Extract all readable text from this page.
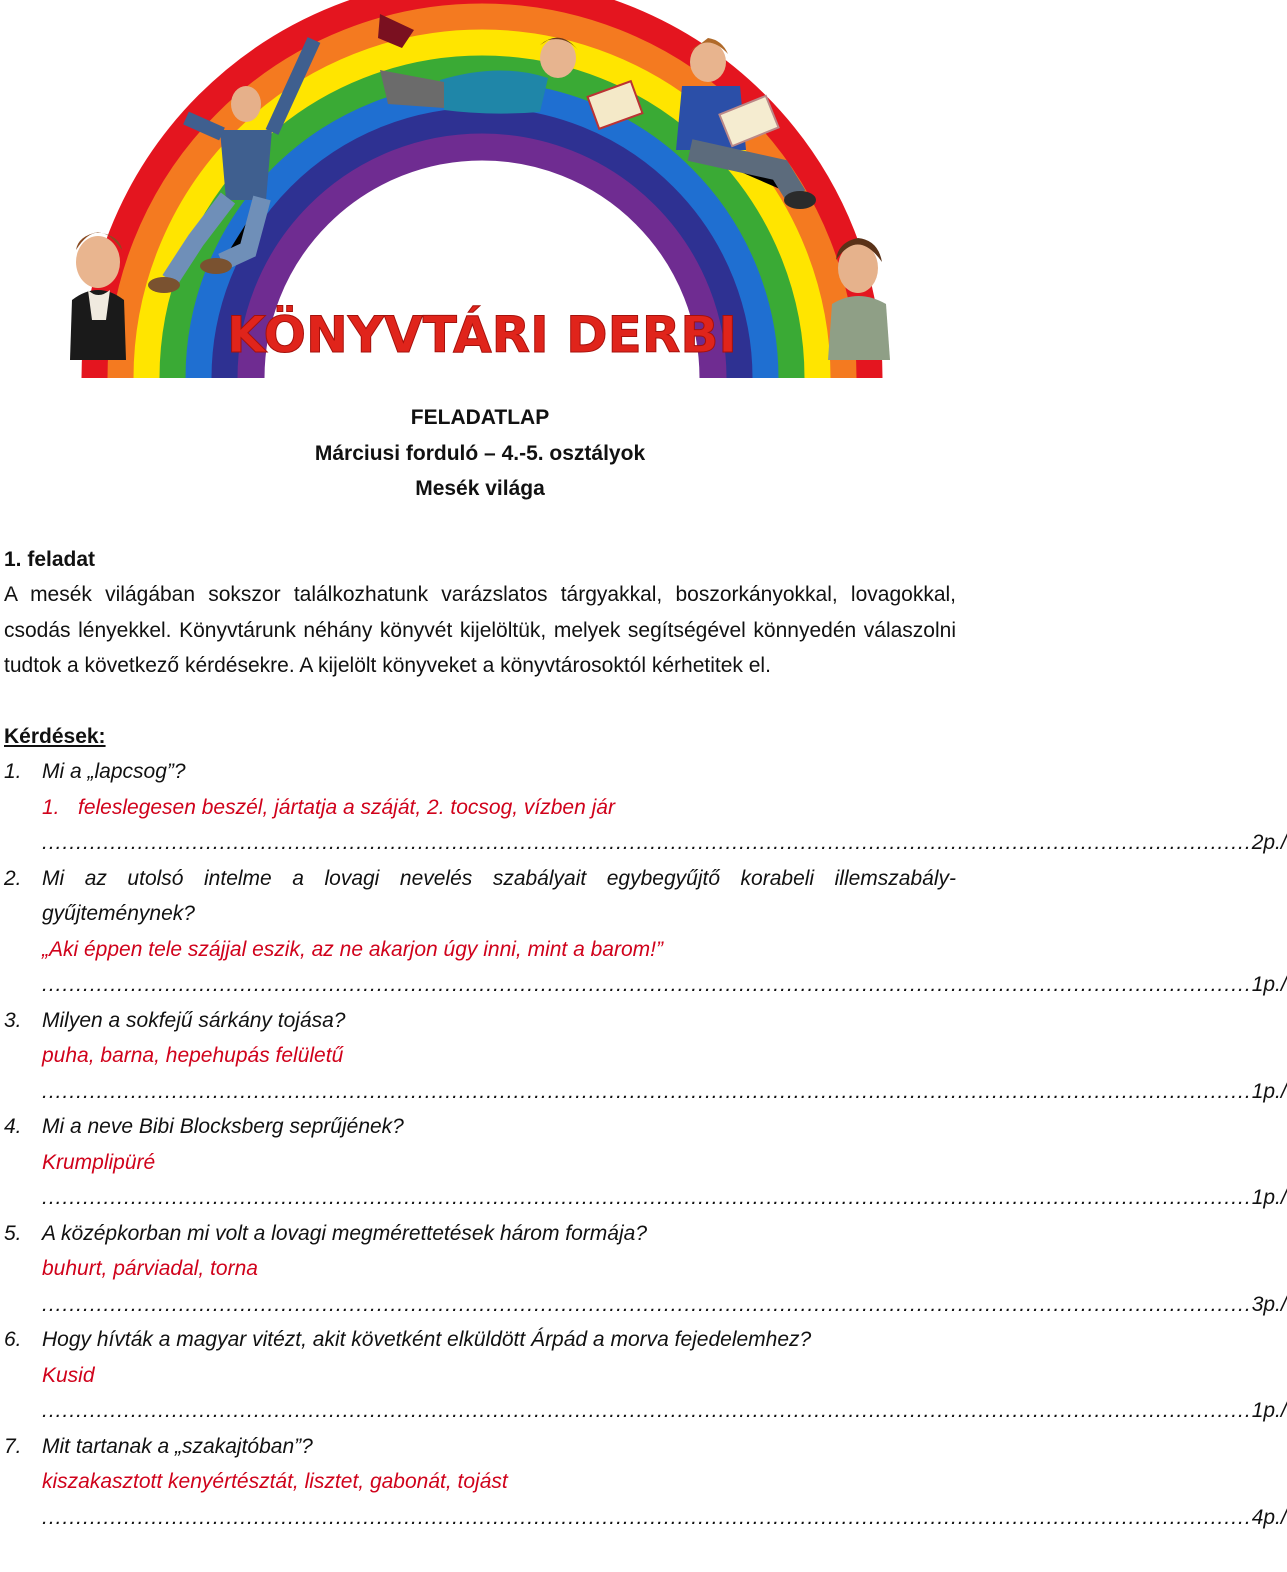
KÖNYVTÁRI DERBI
FELADATLAP
Márciusi forduló – 4.-5. osztályok
Mesék világa
1. feladat
A mesék világában sokszor találkozhatunk varázslatos tárgyakkal, boszorkányokkal, lovagokkal, csodás lényekkel. Könyvtárunk néhány könyvét kijelöltük, melyek segítségével könnyedén válaszolni tudtok a következő kérdésekre. A kijelölt könyveket a könyvtárosoktól kérhetitek el.
Kérdések:
1. Mi a „lapcsog”?
1. feleslegesen beszél, jártatja a száját, 2. tocsog, vízben jár
................................................................................................................................................................................. 2p./
2. Mi az utolsó intelme a lovagi nevelés szabályait egybegyűjtő korabeli illemszabály-gyűjteménynek?
„Aki éppen tele szájjal eszik, az ne akarjon úgy inni, mint a barom!”
................................................................................................................................................................................. 1p./
3. Milyen a sokfejű sárkány tojása?
puha, barna, hepehupás felületű
................................................................................................................................................................................. 1p./
4. Mi a neve Bibi Blocksberg seprűjének?
Krumplipüré
................................................................................................................................................................................. 1p./
5. A középkorban mi volt a lovagi megmérettetések három formája?
buhurt, párviadal, torna
................................................................................................................................................................................. 3p./
6. Hogy hívták a magyar vitézt, akit követként elküldött Árpád a morva fejedelemhez?
Kusid
................................................................................................................................................................................. 1p./
7. Mit tartanak a „szakajtóban”?
kiszakasztott kenyértésztát, lisztet, gabonát, tojást
................................................................................................................................................................................. 4p./
